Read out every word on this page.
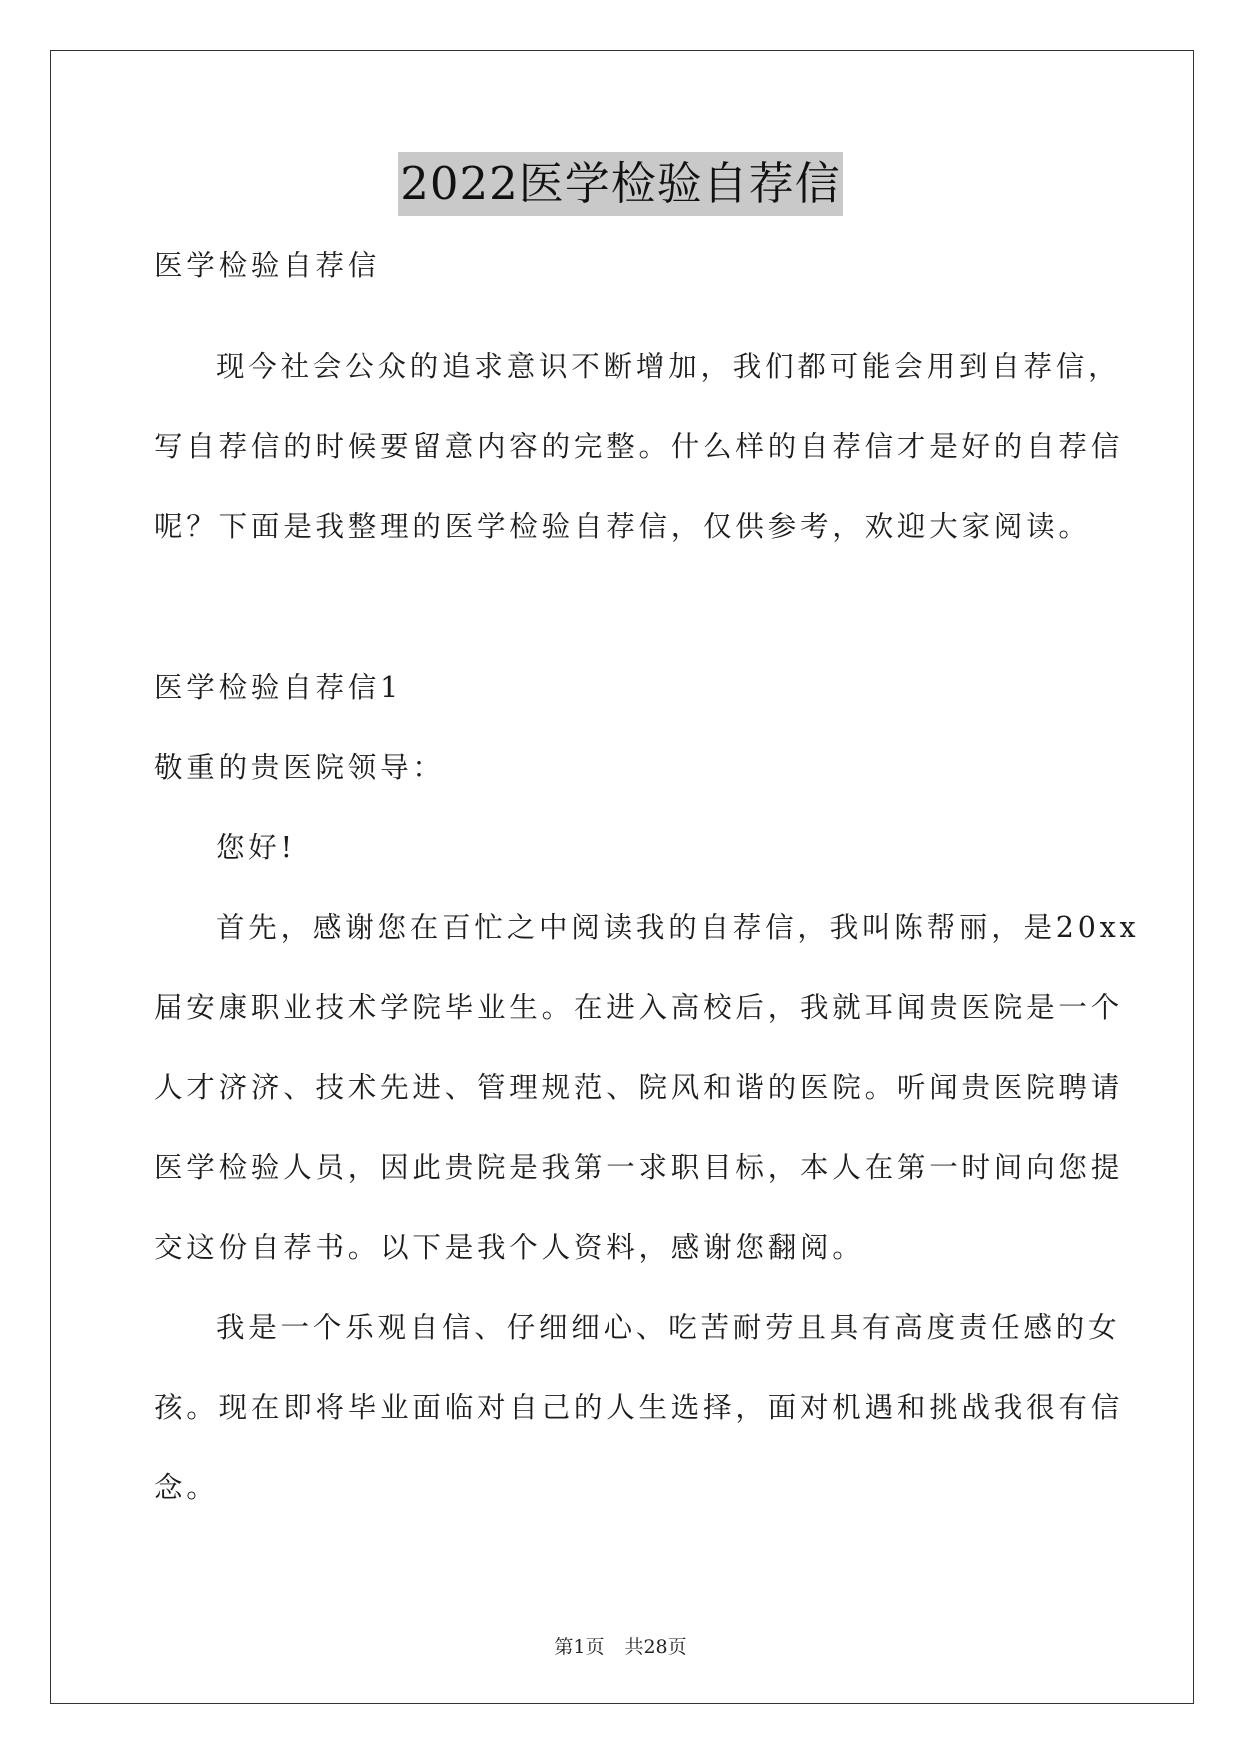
2022医学检验自荐信
医学检验自荐信
现今社会公众的追求意识不断增加，我们都可能会用到自荐信，
写自荐信的时候要留意内容的完整。什么样的自荐信才是好的自荐信
呢？下面是我整理的医学检验自荐信，仅供参考，欢迎大家阅读。
医学检验自荐信1
敬重的贵医院领导：
您好!
首先，感谢您在百忙之中阅读我的自荐信，我叫陈帮丽，是20xx
届安康职业技术学院毕业生。在进入高校后，我就耳闻贵医院是一个
人才济济、技术先进、管理规范、院风和谐的医院。听闻贵医院聘请
医学检验人员，因此贵院是我第一求职目标，本人在第一时间向您提
交这份自荐书。以下是我个人资料，感谢您翻阅。
我是一个乐观自信、仔细细心、吃苦耐劳且具有高度责任感的女
孩。现在即将毕业面临对自己的人生选择，面对机遇和挑战我很有信
念。
第1页 共28页
